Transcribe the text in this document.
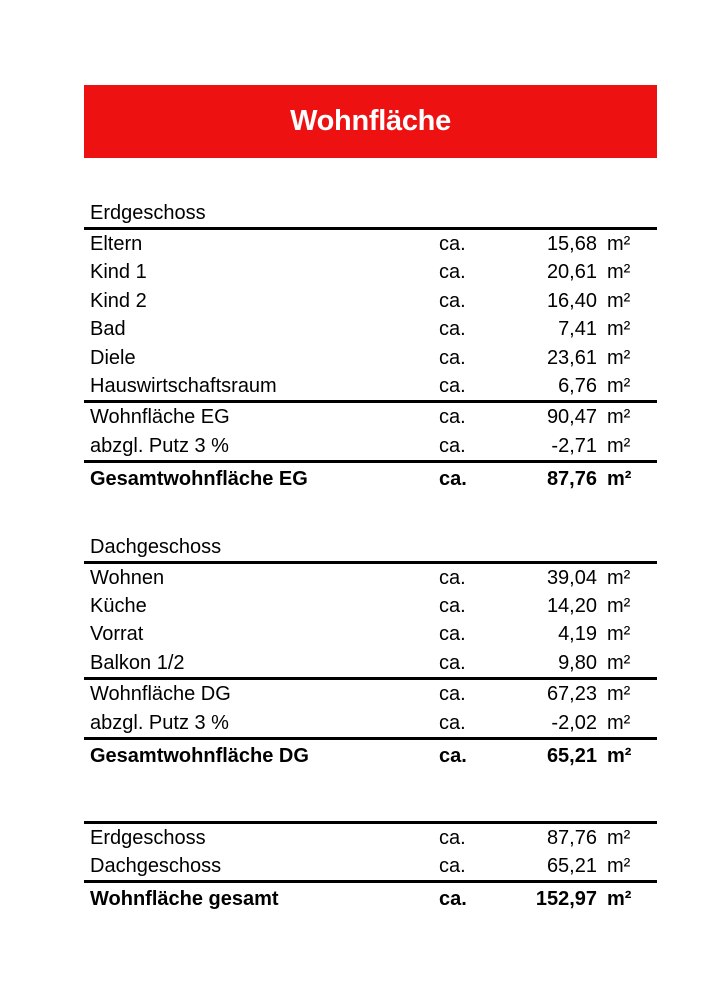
Wohnfläche
Erdgeschoss
Eltern	ca.	15,68 m²
Kind 1	ca.	20,61 m²
Kind 2	ca.	16,40 m²
Bad	ca.	7,41 m²
Diele	ca.	23,61 m²
Hauswirtschaftsraum	ca.	6,76 m²
Wohnfläche EG	ca.	90,47 m²
abzgl. Putz 3 %	ca.	-2,71 m²
Gesamtwohnfläche EG	ca.	87,76 m²
Dachgeschoss
Wohnen	ca.	39,04 m²
Küche	ca.	14,20 m²
Vorrat	ca.	4,19 m²
Balkon 1/2	ca.	9,80 m²
Wohnfläche DG	ca.	67,23 m²
abzgl. Putz 3 %	ca.	-2,02 m²
Gesamtwohnfläche DG	ca.	65,21 m²
Erdgeschoss	ca.	87,76 m²
Dachgeschoss	ca.	65,21 m²
Wohnfläche gesamt	ca.	152,97 m²
